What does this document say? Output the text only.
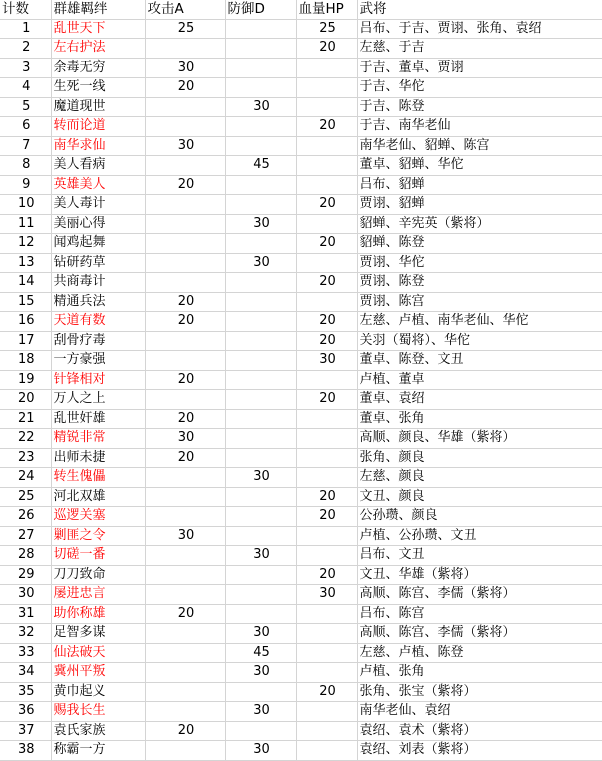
计数	群雄羁绊	攻击A	防御D	血量HP	武将
1	乱世天下	25		25	吕布、于吉、贾诩、张角、袁绍
2	左右护法			20	左慈、于吉
3	余毒无穷	30			于吉、董卓、贾诩
4	生死一线	20			于吉、华佗
5	魔道现世		30		于吉、陈登
6	转而论道			20	于吉、南华老仙
7	南华求仙	30			南华老仙、貂蝉、陈宫
8	美人看病		45		董卓、貂蝉、华佗
9	英雄美人	20			吕布、貂蝉
10	美人毒计			20	贾诩、貂蝉
11	美丽心得		30		貂蝉、辛宪英（紫将）
12	闻鸡起舞			20	貂蝉、陈登
13	钻研药草		30		贾诩、华佗
14	共商毒计			20	贾诩、陈登
15	精通兵法	20			贾诩、陈宫
16	天道有数	20		20	左慈、卢植、南华老仙、华佗
17	刮骨疗毒			20	关羽（蜀将）、华佗
18	一方豪强			30	董卓、陈登、文丑
19	针锋相对	20			卢植、董卓
20	万人之上			20	董卓、袁绍
21	乱世奸雄	20			董卓、张角
22	精锐非常	30			高顺、颜良、华雄（紫将）
23	出师未捷	20			张角、颜良
24	转生傀儡		30		左慈、颜良
25	河北双雄			20	文丑、颜良
26	巡逻关塞			20	公孙瓒、颜良
27	剿匪之令	30			卢植、公孙瓒、文丑
28	切磋一番		30		吕布、文丑
29	刀刀致命			20	文丑、华雄（紫将）
30	屡进忠言			30	高顺、陈宫、李儒（紫将）
31	助你称雄	20			吕布、陈宫
32	足智多谋		30		高顺、陈宫、李儒（紫将）
33	仙法破天		45		左慈、卢植、陈登
34	冀州平叛		30		卢植、张角
35	黄巾起义			20	张角、张宝（紫将）
36	赐我长生		30		南华老仙、袁绍
37	袁氏家族	20			袁绍、袁术（紫将）
38	称霸一方		30		袁绍、刘表（紫将）
